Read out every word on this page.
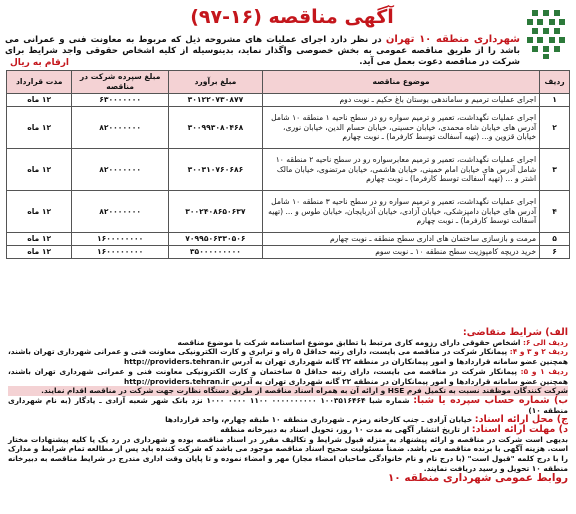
آگهی مناقصه (۱۶-۹۷)
شهرداری منطقه ۱۰ تهران در نظر دارد اجرای عملیات های مشروحه ذیل که مربوط به معاونت فنی و عمرانی می باشد را از طریق مناقصه عمومی به بخش خصوصی واگذار نماید، بدینوسیله از کلیه اشخاص حقوقی واجد شرایط برای شرکت در مناقصه دعوت بعمل می آید.
ارقام به ریال
ردیف	موضوع مناقصه	مبلغ برآورد	مبلغ سپرده شرکت در مناقصه	مدت قرارداد
۱	اجرای عملیات ترمیم و ساماندهی بوستان باغ حکیم ـ نوبت دوم	۳۰۱۲۲۰۷۳۰۸۷۷	۶۳۰۰۰۰۰۰۰	۱۲ ماه
۲	اجرای عملیات نگهداشت، تعمیر و ترمیم سواره رو در سطح ناحیه ۱ منطقه ۱۰ شامل آدرس های خیابان شاه محمدی، خیابان حسینی، خیابان حسام الدین، خیابان نوری، خیابان قزوین و... (تهیه آسفالت توسط کارفرما) ـ نوبت چهارم	۳۰۰۹۹۳۰۸۰۴۶۸	۸۲۰۰۰۰۰۰۰	۱۲ ماه
۳	اجرای عملیات نگهداشت، تعمیر و ترمیم معابرسواره رو در سطح ناحیه ۲ منطقه ۱۰ شامل آدرس های خیابان امام خمینی، خیابان هاشمی، خیابان مرتضوی، خیابان مالک اشتر و ... (تهیه آسفالت توسط کارفرما) ـ نوبت چهارم	۳۰۰۳۱۰۷۶۰۶۸۶	۸۲۰۰۰۰۰۰۰	۱۲ ماه
۴	اجرای عملیات نگهداشت، تعمیر و ترمیم سواره رو در سطح ناحیه ۳ منطقه ۱۰ شامل آدرس های خیابان دامپزشکی، خیابان آزادی، خیابان آذربایجان، خیابان طوس و ... (تهیه آسفالت توسط کارفرما) ـ نوبت چهارم	۳۰۰۲۴۰۸۶۵۰۶۳۷	۸۲۰۰۰۰۰۰۰	۱۲ ماه
۵	مرمت و بازسازی ساختمان های اداری سطح منطقه ـ نوبت چهارم	۷۰۹۹۵۰۶۳۳۰۵۰۶	۱۶۰۰۰۰۰۰۰۰	۱۲ ماه
۶	خرید دریچه کامپوزیت سطح منطقه ۱۰ ـ نوبت سوم	۳۵۰۰۰۰۰۰۰۰۰	۱۶۰۰۰۰۰۰۰۰	۱۲ ماه

الف) شرایط متقاضی:

ردیف الی ۶: اشخاص حقوقی دارای رزومه کاری مرتبط با تطابق موضوع اساسنامه شرکت با موضوع مناقصه

ردیف ۲ و ۳ و ۴: پیمانکار شرکت در مناقصه می بایست، دارای رتبه حداقل ۵ راه و ترابری و کارت الکترونیکی معاونت فنی و عمرانی شهرداری تهران باشند، همچنین عضو سامانه قراردادها و امور پیمانکاران در منطقه ۲۲ گانه شهرداری تهران به آدرس http://providers.tehran.ir

ردیف ۱ و ۵: پیمانکار شرکت در مناقصه می بایست، دارای رتبه حداقل ۵ ساختمان و کارت الکترونیکی معاونت فنی و عمرانی شهرداری تهران باشند، همچنین عضو سامانه قراردادها و امور پیمانکاران در منطقه ۲۲ گانه شهرداری تهران به آدرس http://providers.tehran.ir

شرکت کنندگان موظفند نسبت به تکمیل فرم HSE و ارائه آن به همراه اسناد مناقصه از طریق دستگاه نظارت جهت شرکت در مناقصه اقدام نمایند.

ب) شماره حساب سپرده یا شبا: شماره شبا ۱۰۰۳۵۱۶۴۶۴ ۰۰۰۰۰۰۰۰۰۰ ۱۱۰۰ ۰۰۰۰ ۱۰۰۰ نزد بانک شهر شعبه آزادی ـ یادگار (به نام شهرداری منطقه ۱۰)

ج) محل ارائه اسناد: خیابان آزادی ـ جنب کارخانه زمزم ـ شهرداری منطقه ۱۰ طبقه چهارم، واحد قراردادها

د) مهلت ارائه اسناد: از تاریخ انتشار آگهی به مدت ۱۰ روز، تحویل اسناد به دبیرخانه منطقه

بدیهی است شرکت در مناقصه و ارائه پیشنهاد به منزله قبول شرایط و تکالیف مقرر در اسناد مناقصه بوده و شهرداری در رد یک یا کلیه پیشنهادات مختار است. هزینه آگهی با برنده مناقصه می باشد. ضمناً مسئولیت صحیح اسناد مناقصه موجود می باشد که شرکت کننده باید پس از مطالعه تمام شرایط و مدارک را با درج کلمه "قبول است" (با درج نام و نام خانوادگی صاحبان امضاء مجاز) مهر و امضاء نموده و تا پایان وقت اداری مندرج در شرایط مناقصه به دبیرخانه منطقه ۱۰ تحویل و رسید دریافت نمایند.

روابط عمومی شهرداری منطقه ۱۰
